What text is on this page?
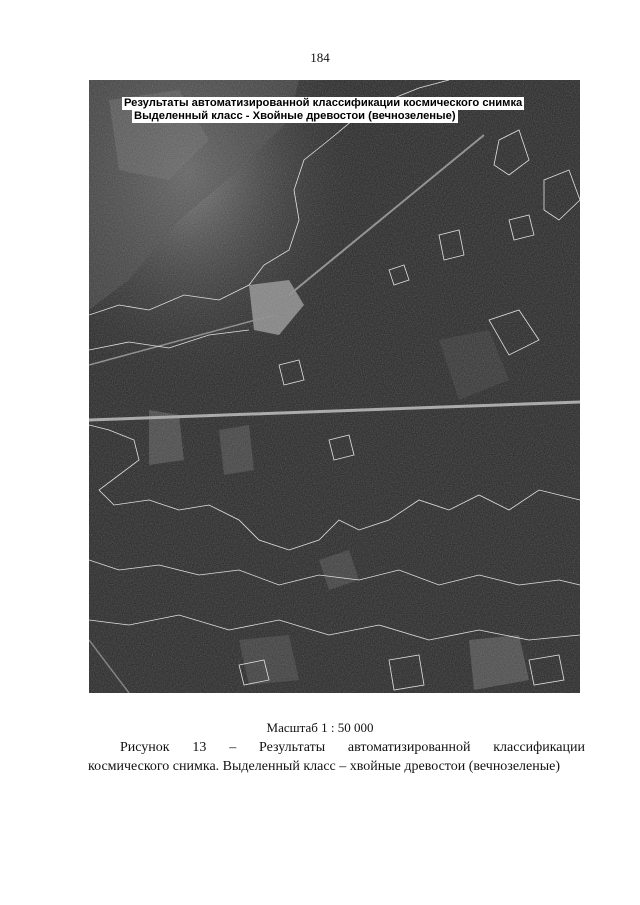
184
Результаты автоматизированной классификации космического снимка
Выделенный класс - Хвойные древостои (вечнозеленые)
Масштаб 1 : 50 000

Рисунок 13 – Результаты автоматизированной классификации

космического снимка. Выделенный класс – хвойные древостои (вечнозеленые)
